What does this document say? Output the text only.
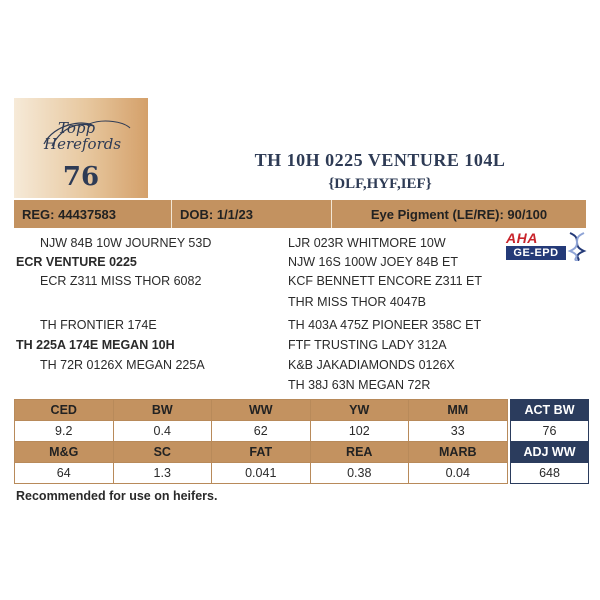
Topp
Herefords
76
TH 10H 0225 VENTURE 104L
{DLF,HYF,IEF}
REG: 44437583	DOB: 1/1/23	Eye Pigment (LE/RE): 90/100
AHA
GE-EPD
NJW 84B 10W JOURNEY 53D
ECR VENTURE 0225
ECR Z311 MISS THOR 6082
LJR 023R WHITMORE 10W
NJW 16S 100W JOEY 84B ET
KCF BENNETT ENCORE Z311 ET
THR MISS THOR 4047B
TH FRONTIER 174E
TH 225A 174E MEGAN 10H
TH 72R 0126X MEGAN 225A
TH 403A 475Z PIONEER 358C ET
FTF TRUSTING LADY 312A
K&B JAKADIAMONDS 0126X
TH 38J 63N MEGAN 72R
CED	BW	WW	YW	MM
9.2	0.4	62	102	33
M&G	SC	FAT	REA	MARB
64	1.3	0.041	0.38	0.04
ACT BW
76
ADJ WW
648
Recommended for use on heifers.
